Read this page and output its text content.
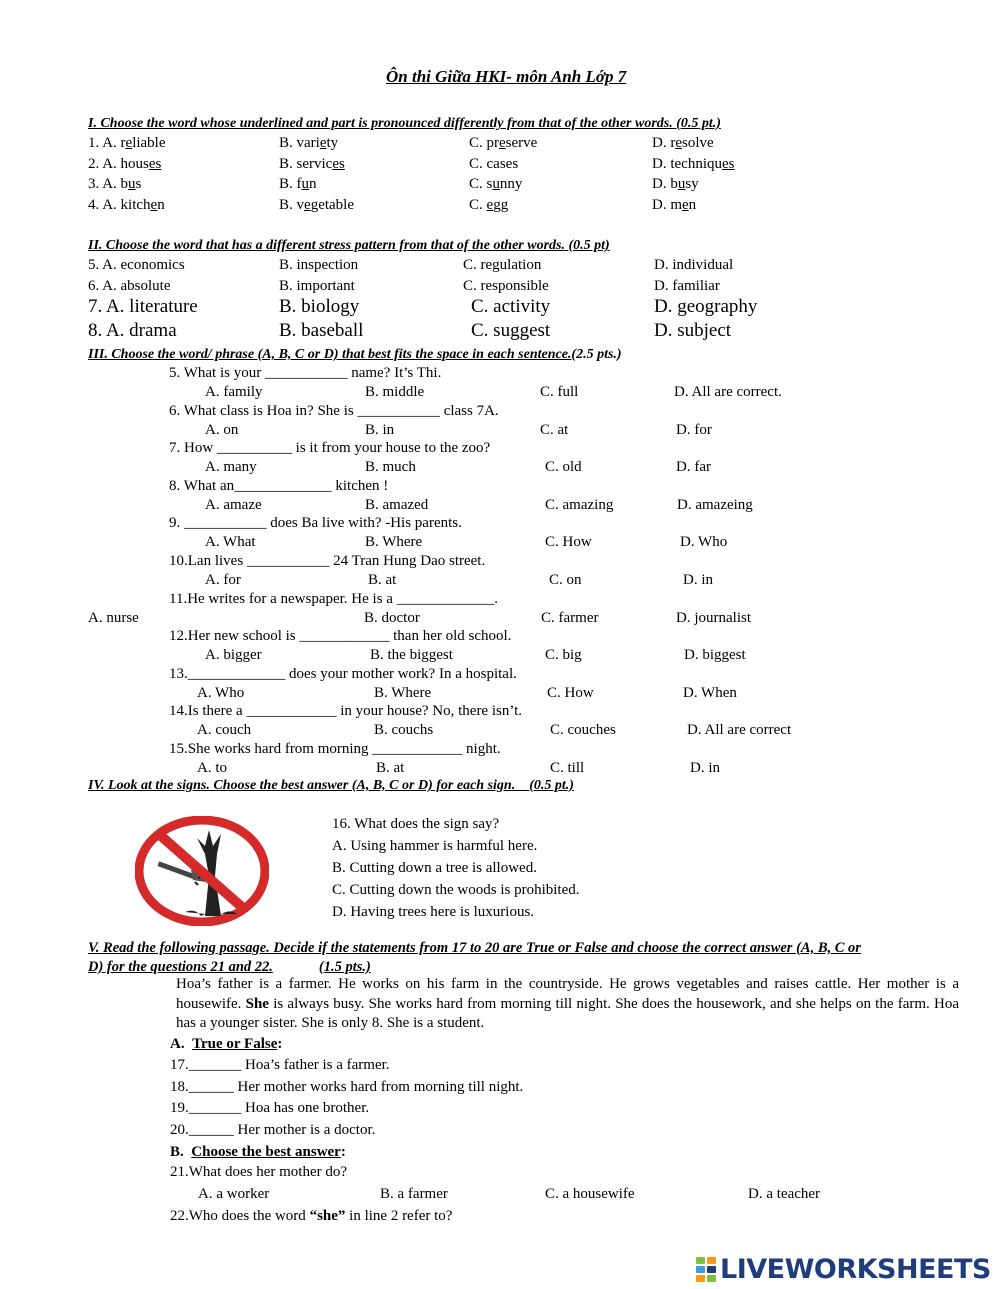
Ôn thi Giữa HKI- môn Anh Lớp 7
I. Choose the word whose underlined and part is pronounced differently from that of the other words. (0.5 pt.)
1. A. reliable	B. variety	C. preserve	D. resolve
2. A. houses	B. services	C. cases	D. techniques
3. A. bus	B. fun	C. sunny	D. busy
4. A. kitchen	B. vegetable	C. egg	D. men
II. Choose the word that has a different stress pattern from that of the other words. (0.5 pt)
5. A. economics	B. inspection	C. regulation	D. individual
6. A. absolute	B. important	C. responsible	D. familiar
7. A. literature	B. biology	C. activity	D. geography
8. A. drama	B. baseball	C. suggest	D. subject
III. Choose the word/ phrase (A, B, C or D) that best fits the space in each sentence.(2.5 pts.)
5. What is your ___________ name? It’s Thi.
A. family	B. middle	C. full	D. All are correct.
6. What class is Hoa in? She is ___________ class 7A.
A. on	B. in	C. at	D. for
7. How __________ is it from your house to the zoo?
A. many	B. much	C. old	D. far
8. What an_____________ kitchen !
A. amaze	B. amazed	C. amazing	D. amazeing
9. ___________ does Ba live with? -His parents.
A. What	B. Where	C. How	D. Who
10.Lan lives ___________ 24 Tran Hung Dao street.
A. for	B. at	C. on	D. in
11.He writes for a newspaper. He is a _____________.
A. nurse	B. doctor	C. farmer	D. journalist
12.Her new school is ____________ than her old school.
A. bigger	B. the biggest	C. big	D. biggest
13._____________ does your mother work? In a hospital.
A. Who	B. Where	C. How	D. When
14.Is there a ____________ in your house? No, there isn’t.
A. couch	B. couchs	C. couches	D. All are correct
15.She works hard from morning ____________ night.
A. to	B. at	C. till	D. in
IV. Look at the signs. Choose the best answer (A, B, C or D) for each sign.    (0.5 pt.)
16. What does the sign say?
A. Using hammer is harmful here.
B. Cutting down a tree is allowed.
C. Cutting down the woods is prohibited.
D. Having trees here is luxurious.
V. Read the following passage. Decide if the statements from 17 to 20 are True or False and choose the correct answer (A, B, C or
D) for the questions 21 and 22.	(1.5 pts.)
Hoa’s father is a farmer. He works on his farm in the countryside. He grows vegetables and raises cattle. Her mother is a housewife. She is always busy. She works hard from morning till night. She does the housework, and she helps on the farm. Hoa has a younger sister. She is only 8. She is a student.
A. True or False:
17._______ Hoa’s father is a farmer.
18.______ Her mother works hard from morning till night.
19._______ Hoa has one brother.
20.______ Her mother is a doctor.
B. Choose the best answer:
21.What does her mother do?
A. a worker	B. a farmer	C. a housewife	D. a teacher
22.Who does the word “she” in line 2 refer to?
LIVEWORKSHEETS
